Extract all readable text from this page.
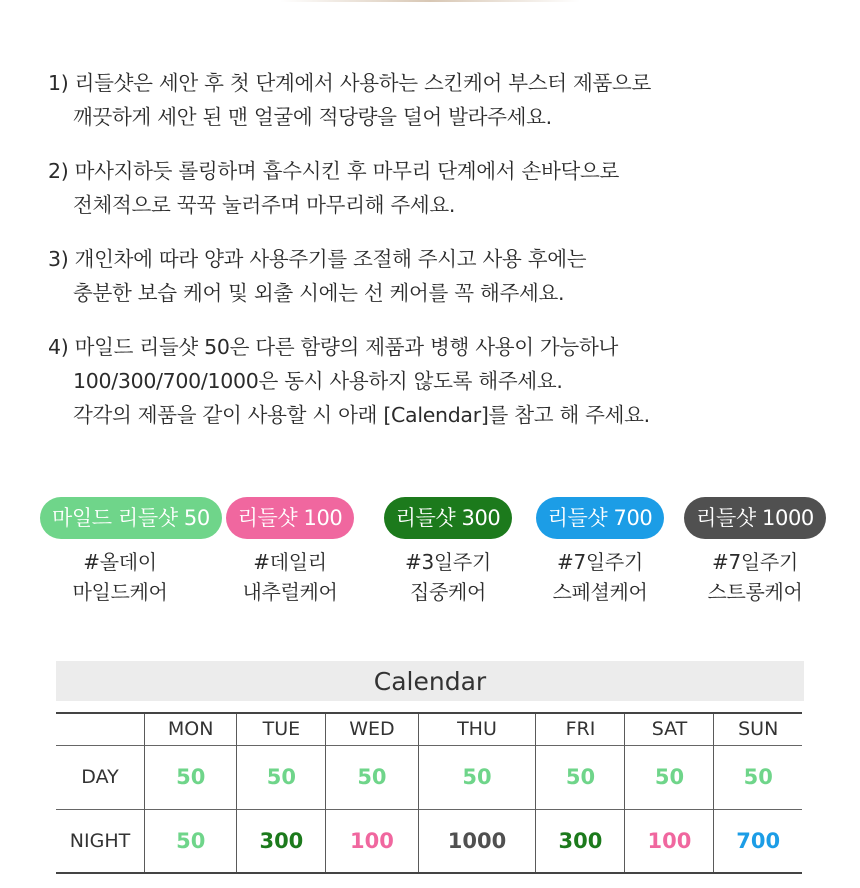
1) 리들샷은 세안 후 첫 단계에서 사용하는 스킨케어 부스터 제품으로
깨끗하게 세안 된 맨 얼굴에 적당량을 덜어 발라주세요.
2) 마사지하듯 롤링하며 흡수시킨 후 마무리 단계에서 손바닥으로
전체적으로 꾹꾹 눌러주며 마무리해 주세요.
3) 개인차에 따라 양과 사용주기를 조절해 주시고 사용 후에는
충분한 보습 케어 및 외출 시에는 선 케어를 꼭 해주세요.
4) 마일드 리들샷 50은 다른 함량의 제품과 병행 사용이 가능하나
100/300/700/1000은 동시 사용하지 않도록 해주세요.
각각의 제품을 같이 사용할 시 아래 [Calendar]를 참고 해 주세요.
마일드 리들샷 50
#올데이
마일드케어
리들샷 100
#데일리
내추럴케어
리들샷 300
#3일주기
집중케어
리들샷 700
#7일주기
스페셜케어
리들샷 1000
#7일주기
스트롱케어
Calendar
	MON	TUE	WED	THU	FRI	SAT	SUN
DAY	50	50	50	50	50	50	50
NIGHT	50	300	100	1000	300	100	700
